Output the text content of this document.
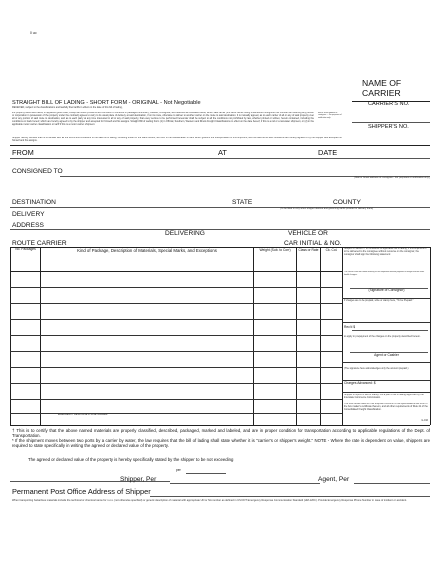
0 uo
NAME OF CARRIER
CARRIER'S NO.
SHIPPER'S NO.
STRAIGHT BILL OF LADING - SHORT FORM - ORIGINAL - Not Negotiable
RECEIVED, subject to the classifications and lawfully filed tariffs in effect on the date of this bill of lading,
the property described below, in apparent good order, except as noted (contents and condition of contents of packages unknown), marked, consigned, and destined as indicated below, which said carrier (the word carrier being understood throughout this contract as meaning any person or corporation in possession of the property under the contract) agrees to carry to its usual place of delivery at said destination, if on its route, otherwise to deliver to another carrier on the route to said destination. It is mutually agreed, as to each carrier of all or any of said property over all or any portion of said route to destination, and as to each party at any time interested in all or any of said property, that every service to be performed hereunder shall be subject to all the conditions not prohibited by law, whether printed or written, herein contained, including the conditions on back hereof, which are hereby agreed to by the shipper and accepted for himself and his assigns. Straight Bill of Lading Form (1) in Official, Southern, Western and Illinois Freight Classifications in effect on the date hereof, if this is a rail or a rail-water shipment, or (2) in the applicable motor carrier classification or tariff if this is a motor carrier shipment.
Mail or street address of consignee — For purposes of notification only.
Shipper hereby certifies that he is familiar with all the terms and conditions of the said bill of lading, including those on the back thereof, set forth in the classification or tariff which governs the transportation of this shipment, and the said terms and conditions are hereby agreed to by the shipper and accepted for himself and his assigns.
FROM	AT	DATE
CONSIGNED TO
(Mail or Street address of consignee - For purposes of notification only.)
DESTINATION	STATE	COUNTY
(To be filled in only when shipper desires and governing tariffs provide for delivery there)
DELIVERY ADDRESS
DELIVERING	VEHICLE OR
ROUTE CARRIER	CAR INITIAL & NO.
No. Packages	Kind of Package, Description of Materials, Special Marks, and Exceptions	Weight (Sub. to Corr)	Class or Rate	Ck. Col.
EMERGENCY RESPONSE PHONE NUMBER
Subject to Section 7 of conditions of applicable bill of lading, if this shipment is to be delivered to the consignee without recourse on the consignor, the consignor shall sign the following statement:
The carrier shall not make delivery of this shipment without payment of freight and all other lawful charges.
(Signature of Consignor)
If charges are to be prepaid, write or stamp here, "To be Prepaid."
Rec'd $
to apply in prepayment of the charges on the property described hereon.
Agent or Cashier
(The signature here acknowledges only the amount prepaid.)
Charges Advanced: $
Shipper's imprint in lieu of stamp; not a part of bill of lading approved by the Interstate Commerce Commission.
The fibre boxes used for this shipment conform to the specifications set forth in the box maker's certificate thereon, and all other requirements of Rule 41 of the Consolidated Freight Classification.
G-016
† This is to certify that the above named materials are properly classified, described, packaged, marked and labeled, and are in proper condition for transportation according to applicable regulations of the Dept. of Transportation.
* If the shipment moves between two ports by a carrier by water, the law requires that the bill of lading shall state whether it is "carrier's or shipper's weight." NOTE - Where the rate is dependent on value, shippers are required to state specifically in writing the agreed or declared value of the property.
The agreed or declared value of the property is hereby specifically stated by the shipper to be not exceeding
per
Shipper, Per	Agent, Per
Permanent Post Office Address of Shipper
When transporting hazardous materials include the technical or chemical name for n.o.s. (not otherwise specified) or generic description of material with appropriate UN or NA number as defined in US DOT Emergency Response Communication Standard (HM-126C). Provide Emergency Response Phone Number in case of incident or accident.
